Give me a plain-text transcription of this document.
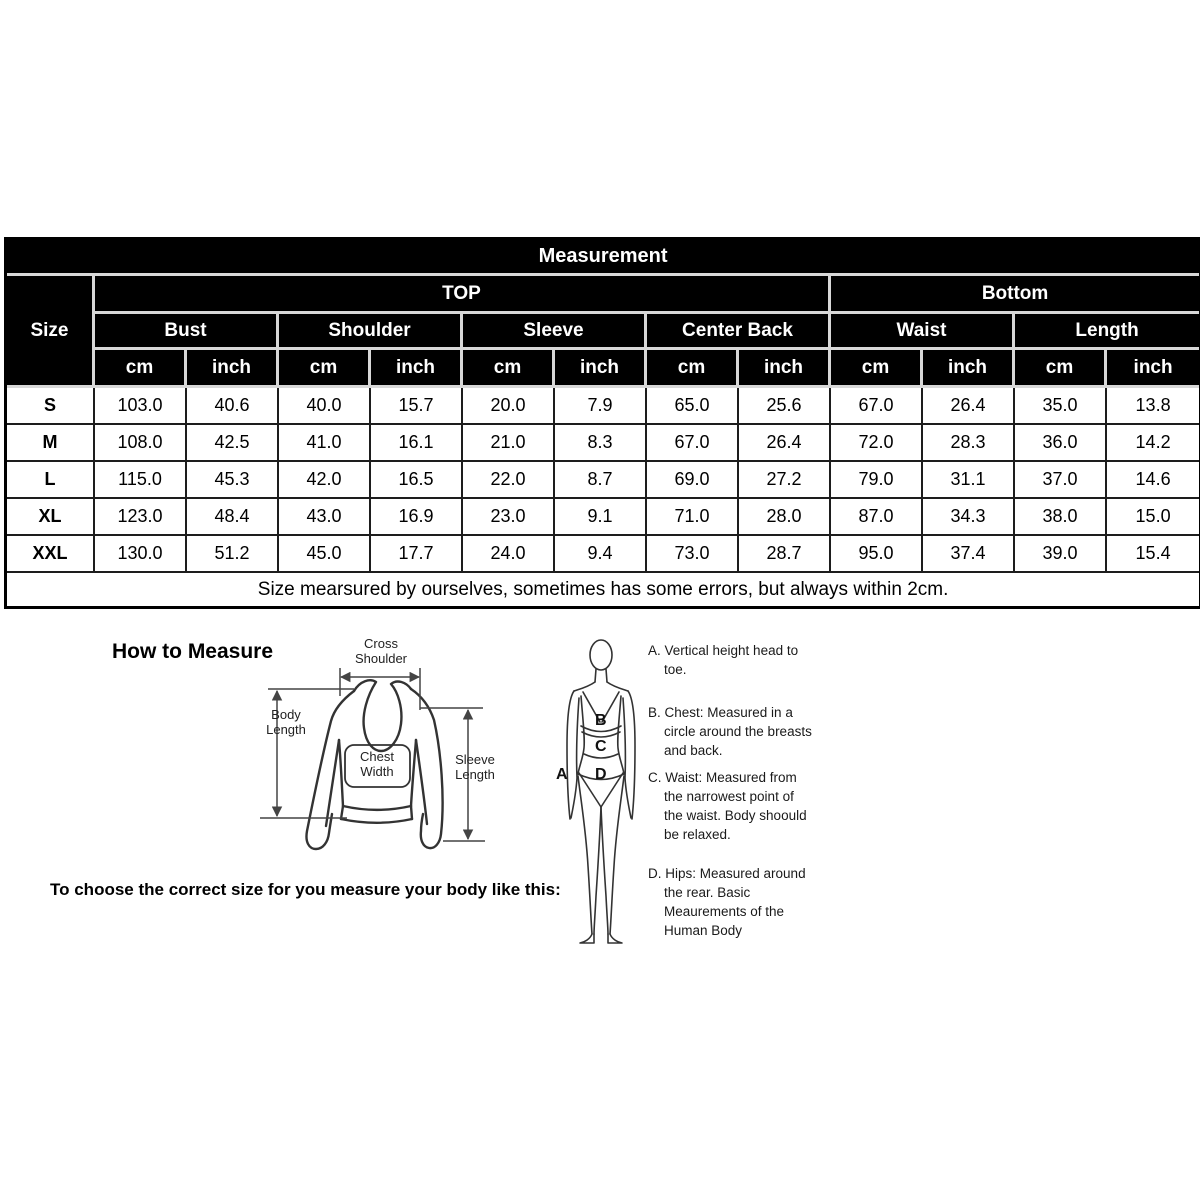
Measurement												
Size	TOP								Bottom			
	Bust		Shoulder		Sleeve		Center Back		Waist		Length	
	cm	inch	cm	inch	cm	inch	cm	inch	cm	inch	cm	inch
S	103.0	40.6	40.0	15.7	20.0	7.9	65.0	25.6	67.0	26.4	35.0	13.8
M	108.0	42.5	41.0	16.1	21.0	8.3	67.0	26.4	72.0	28.3	36.0	14.2
L	115.0	45.3	42.0	16.5	22.0	8.7	69.0	27.2	79.0	31.1	37.0	14.6
XL	123.0	48.4	43.0	16.9	23.0	9.1	71.0	28.0	87.0	34.3	38.0	15.0
XXL	130.0	51.2	45.0	17.7	24.0	9.4	73.0	28.7	95.0	37.4	39.0	15.4
Size mearsured by ourselves, sometimes has some errors, but always within 2cm.												
How to Measure	Cross Shoulder
Body Length
Chest Width
Sleeve Length	A
B
C
D
A. Vertical height head to toe.
B. Chest: Measured in a circle around the breasts and back.
C. Waist: Measured from the narrowest point of the waist. Body shoould be relaxed.
D. Hips: Measured around the rear. Basic Meaurements of the Human Body
To choose the correct size for you measure your body like this:
